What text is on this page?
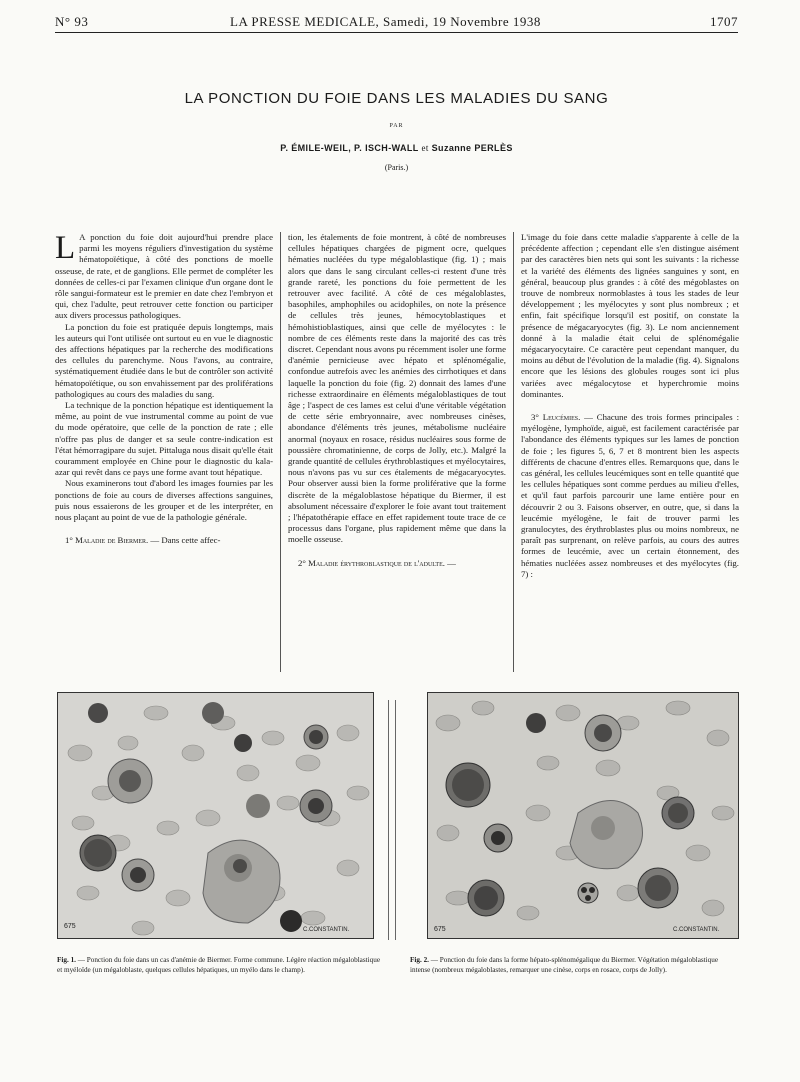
N° 93	LA PRESSE MEDICALE, Samedi, 19 Novembre 1938	1707
LA PONCTION DU FOIE DANS LES MALADIES DU SANG
PAR
P. ÉMILE-WEIL, P. ISCH-WALL et Suzanne PERLÈS
(Paris.)

L A ponction du foie doit aujourd'hui prendre place parmi les moyens réguliers d'investigation du système hématopoïétique, à côté des ponctions de moelle osseuse, de rate, et de ganglions. Elle permet de compléter les données de celles-ci par l'examen clinique d'un organe dont le rôle sangui-formateur est le premier en date chez l'embryon et qui, chez l'adulte, peut retrouver cette fonction ou participer aux divers processus pathologiques.

La ponction du foie est pratiquée depuis longtemps, mais les auteurs qui l'ont utilisée ont surtout eu en vue le diagnostic des affections hépatiques par la recherche des modifications des cellules du parenchyme. Nous l'avons, au contraire, systématiquement étudiée dans le but de contrôler son activité hématopoïétique, ou son envahissement par des proliférations pathologiques au cours des maladies du sang.

La technique de la ponction hépatique est identiquement la même, au point de vue instrumental comme au point de vue du mode opératoire, que celle de la ponction de rate ; elle n'offre pas plus de danger et sa seule contre-indication est l'état hémorragipare du sujet. Pittaluga nous disait qu'elle était couramment employée en Chine pour le diagnostic du kala-azar qui revêt dans ce pays une forme avant tout hépatique.

Nous examinerons tout d'abord les images fournies par les ponctions de foie au cours de diverses affections sanguines, puis nous essaierons de les grouper et de les interpréter, en nous plaçant au point de vue de la pathologie générale.

1° Maladie de Biermer. — Dans cette affec-

tion, les étalements de foie montrent, à côté de nombreuses cellules hépatiques chargées de pigment ocre, quelques hématies nucléées du type mégaloblastique (fig. 1) ; mais alors que dans le sang circulant celles-ci restent d'une très grande rareté, les ponctions du foie permettent de les retrouver avec facilité. A côté de ces mégaloblastes, basophiles, amphophiles ou acidophiles, on note la présence de cellules très jeunes, hémocytoblastiques et hémohistioblastiques, ainsi que celle de myélocytes : le nombre de ces éléments reste dans la majorité des cas très discret. Cependant nous avons pu récemment isoler une forme d'anémie pernicieuse avec hépato et splénomégalie, confondue autrefois avec les anémies des cirrhotiques et dans laquelle la ponction du foie (fig. 2) donnait des lames d'une richesse extraordinaire en éléments mégaloblastiques de tout âge ; l'aspect de ces lames est celui d'une véritable végétation de cette série embryonnaire, avec nombreuses cinèses, abondance d'éléments très jeunes, métabolisme nucléaire anormal (noyaux en rosace, résidus nucléaires sous forme de poussière chromatinienne, de corps de Jolly, etc.). Malgré la grande quantité de cellules érythroblastiques et myélocytaires, nous n'avons pas vu sur ces étalements de mégacaryocytes. Pour observer aussi bien la forme proliférative que la forme discrète de la mégaloblastose hépatique du Biermer, il est absolument nécessaire d'explorer le foie avant tout traitement ; l'hépatothérapie efface en effet rapidement toute trace de ce processus dans l'organe, plus rapidement même que dans la moelle osseuse.

2° Maladie érythroblastique de l'adulte. —

L'image du foie dans cette maladie s'apparente à celle de la précédente affection ; cependant elle s'en distingue aisément par des caractères bien nets qui sont les suivants : la richesse et la variété des éléments des lignées sanguines y sont, en général, beaucoup plus grandes : à côté des mégoblastes on trouve de nombreux normoblastes à tous les stades de leur développement ; les myélocytes y sont plus nombreux ; et enfin, fait spécifique lorsqu'il est positif, on constate la présence de mégacaryocytes (fig. 3). Le nom anciennement donné à la maladie était celui de splénomégalie mégacaryocytaire. Ce caractère peut cependant manquer, du moins au début de l'évolution de la maladie (fig. 4). Signalons encore que les lésions des globules rouges sont ici plus variées avec mégalocytose et hyperchromie moins dominantes.

3° Leucémies. — Chacune des trois formes principales : myélogène, lymphoïde, aiguë, est facilement caractérisée par l'abondance des éléments typiques sur les lames de ponction de foie ; les figures 5, 6, 7 et 8 montrent bien les aspects différents de chacune d'entres elles. Remarquons que, dans le cas général, les cellules leucémiques sont en telle quantité que les cellules hépatiques sont comme perdues au milieu d'elles, et qu'il faut parfois parcourir une lame entière pour en découvrir 2 ou 3. Faisons observer, en outre, que, si dans la leucémie myélogène, le fait de trouver parmi les granulocytes, des érythroblastes plus ou moins nombreux, ne paraît pas surprenant, on relève parfois, au cours des autres formes de leucémie, avec un certain étonnement, des hématies nucléées assez nombreuses et des myélocytes (fig. 7) :

675	C.CONSTANTIN.
Fig. 1. — Ponction du foie dans un cas d'anémie de Biermer. Forme commune. Légère réaction mégaloblastique et myéloïde (un mégaloblaste, quelques cellules hépatiques, un myélo dans le champ).
675	C.CONSTANTIN.
Fig. 2. — Ponction du foie dans la forme hépato-splénomégalique du Biermer. Végétation mégaloblastique intense (nombreux mégaloblastes, remarquer une cinèse, corps en rosace, corps de Jolly).
